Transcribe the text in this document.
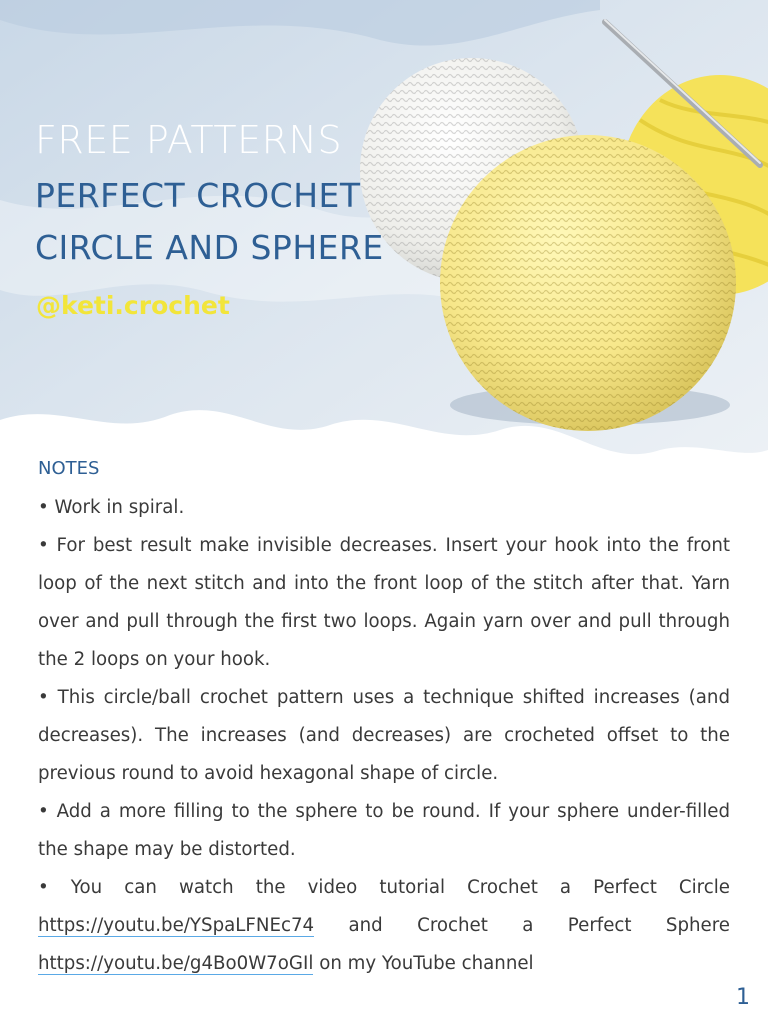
FREE PATTERNS
PERFECT CROCHET
CIRCLE AND SPHERE
@keti.crochet
NOTES

• Work in spiral.

• For best result make invisible decreases. Insert your hook into the front loop of the next stitch and into the front loop of the stitch after that. Yarn over and pull through the first two loops. Again yarn over and pull through the 2 loops on your hook.

• This circle/ball crochet pattern uses a technique shifted increases (and decreases). The increases (and decreases) are crocheted offset to the previous round to avoid hexagonal shape of circle.

• Add a more filling to the sphere to be round. If your sphere under-filled the shape may be distorted.

• You can watch the video tutorial Crochet a Perfect Circle https://youtu.be/YSpaLFNEc74 and Crochet a Perfect Sphere https://youtu.be/g4Bo0W7oGIl on my YouTube channel

1
